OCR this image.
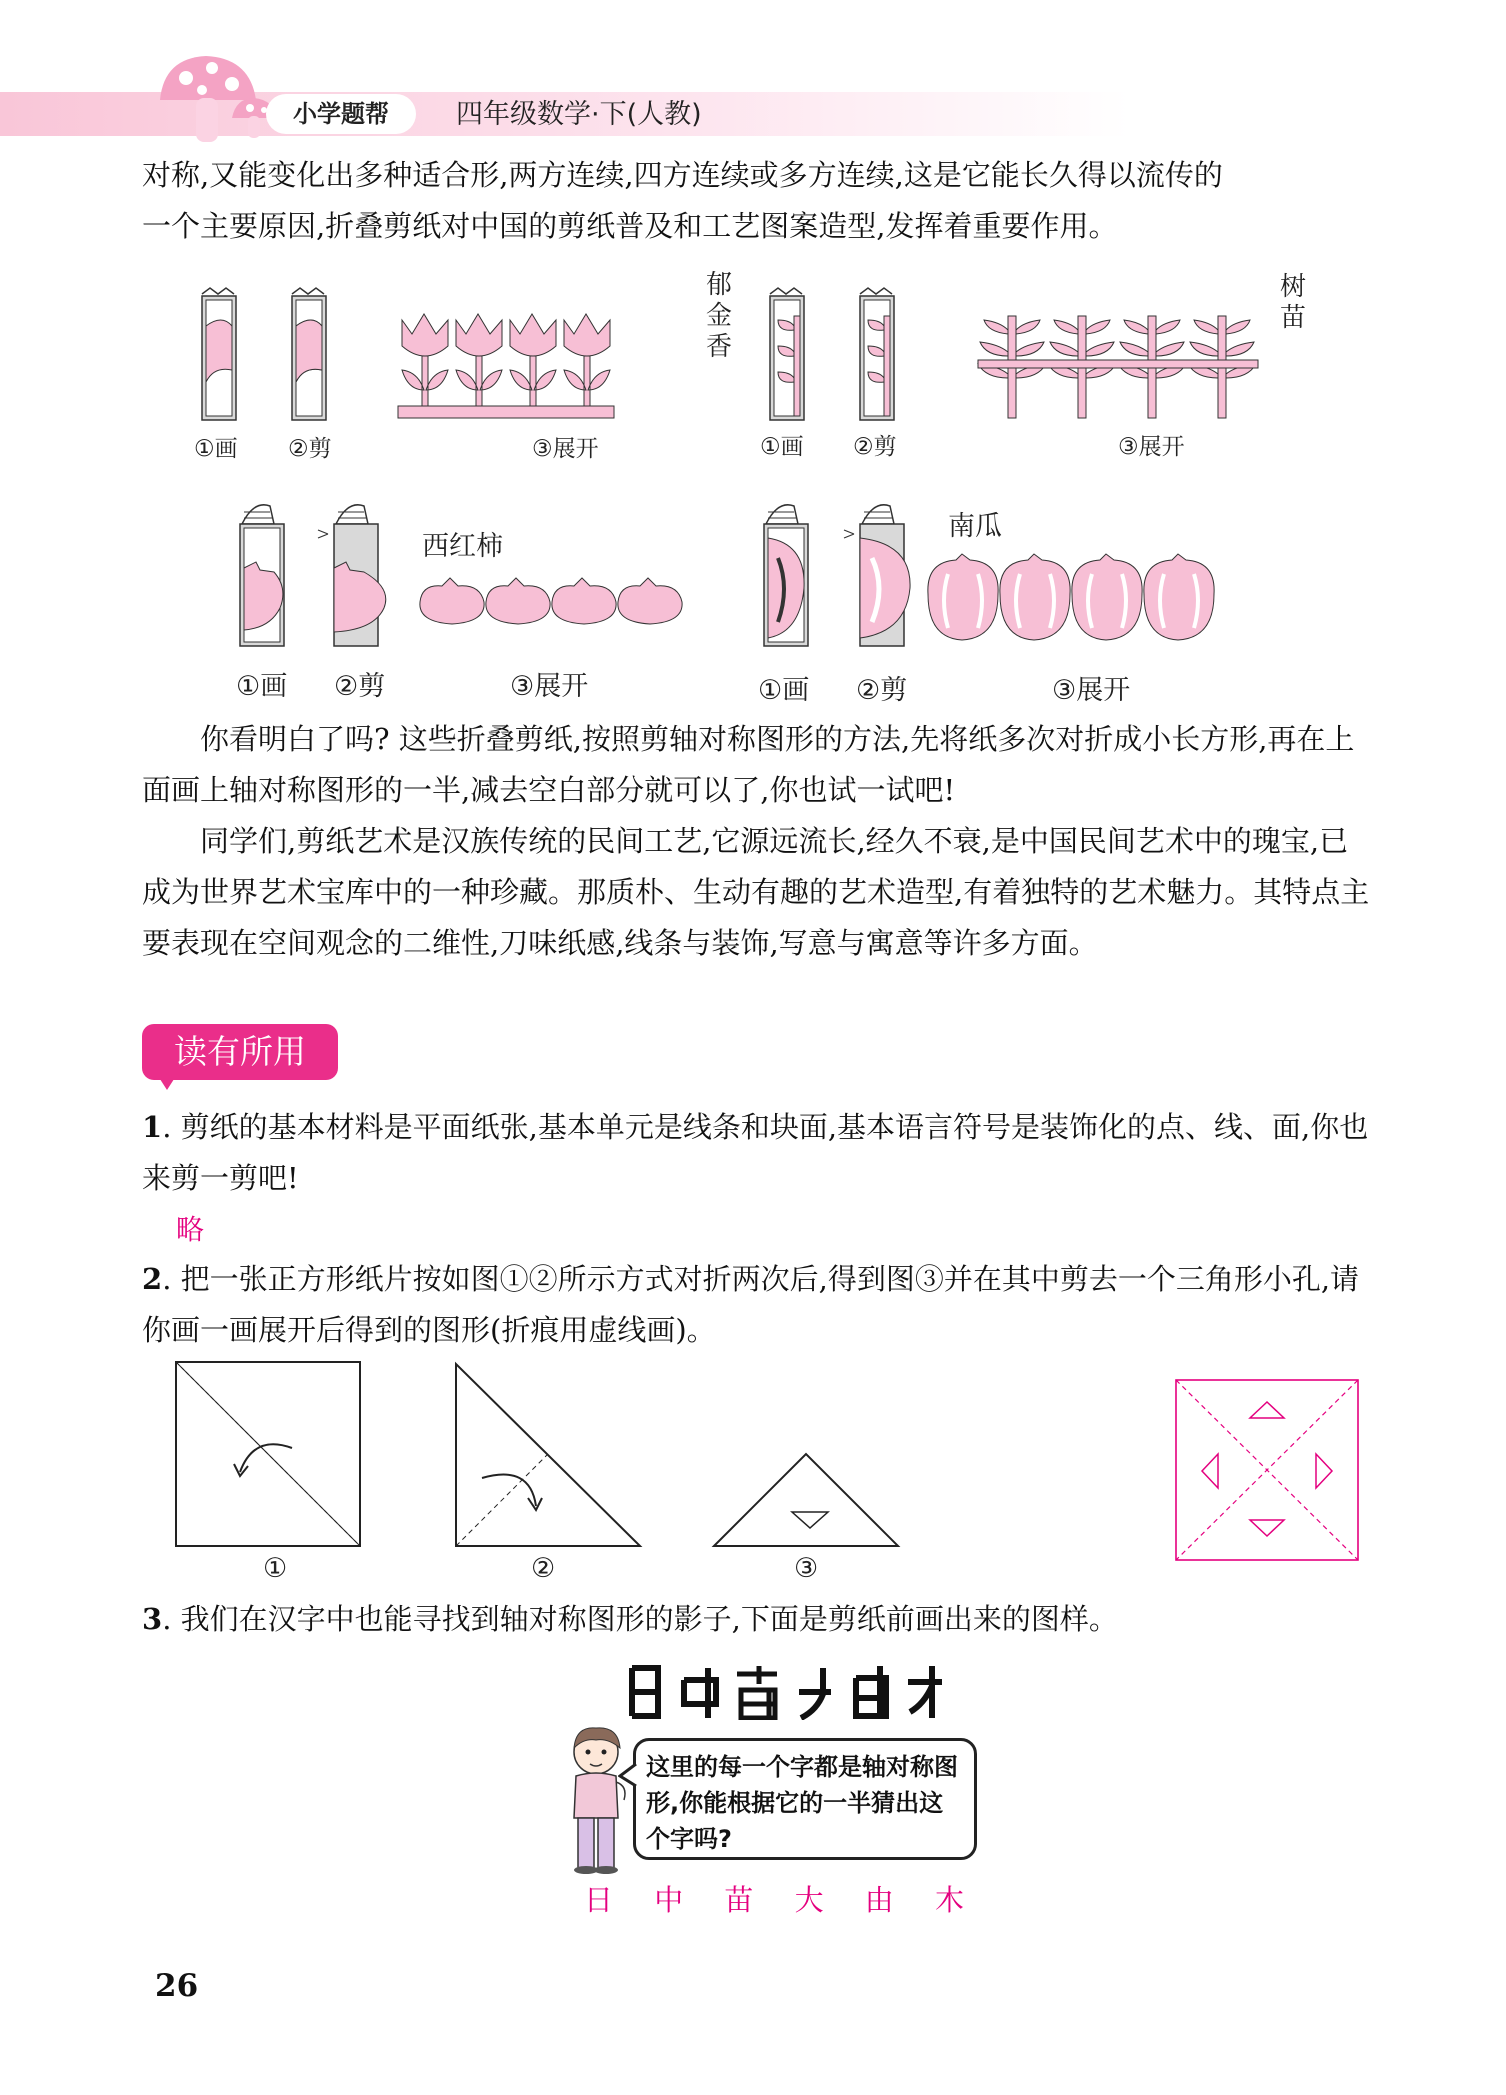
小学题帮	四年级数学·下(人教)

对称,又能变化出多种适合形,两方连续,四方连续或多方连续,这是它能长久得以流传的

一个主要原因,折叠剪纸对中国的剪纸普及和工艺图案造型,发挥着重要作用。

①画 ②剪	③展开
郁金香
①画 ②剪	③展开
树苗
西红柿
①画 ②剪	③展开
南瓜
①画 ②剪	③展开

你看明白了吗? 这些折叠剪纸,按照剪轴对称图形的方法,先将纸多次对折成小长方形,再在上面画上轴对称图形的一半,减去空白部分就可以了,你也试一试吧!

同学们,剪纸艺术是汉族传统的民间工艺,它源远流长,经久不衰,是中国民间艺术中的瑰宝,已成为世界艺术宝库中的一种珍藏。那质朴、生动有趣的艺术造型,有着独特的艺术魅力。其特点主要表现在空间观念的二维性,刀味纸感,线条与装饰,写意与寓意等许多方面。

读有所用

1. 剪纸的基本材料是平面纸张,基本单元是线条和块面,基本语言符号是装饰化的点、线、面,你也来剪一剪吧!

略

2. 把一张正方形纸片按如图①②所示方式对折两次后,得到图③并在其中剪去一个三角形小孔,请你画一画展开后得到的图形(折痕用虚线画)。

①	②	③

3. 我们在汉字中也能寻找到轴对称图形的影子,下面是剪纸前画出来的图样。

这里的每一个字都是轴对称图形,你能根据它的一半猜出这个字吗?
日 中 苗 大 由 木
26
